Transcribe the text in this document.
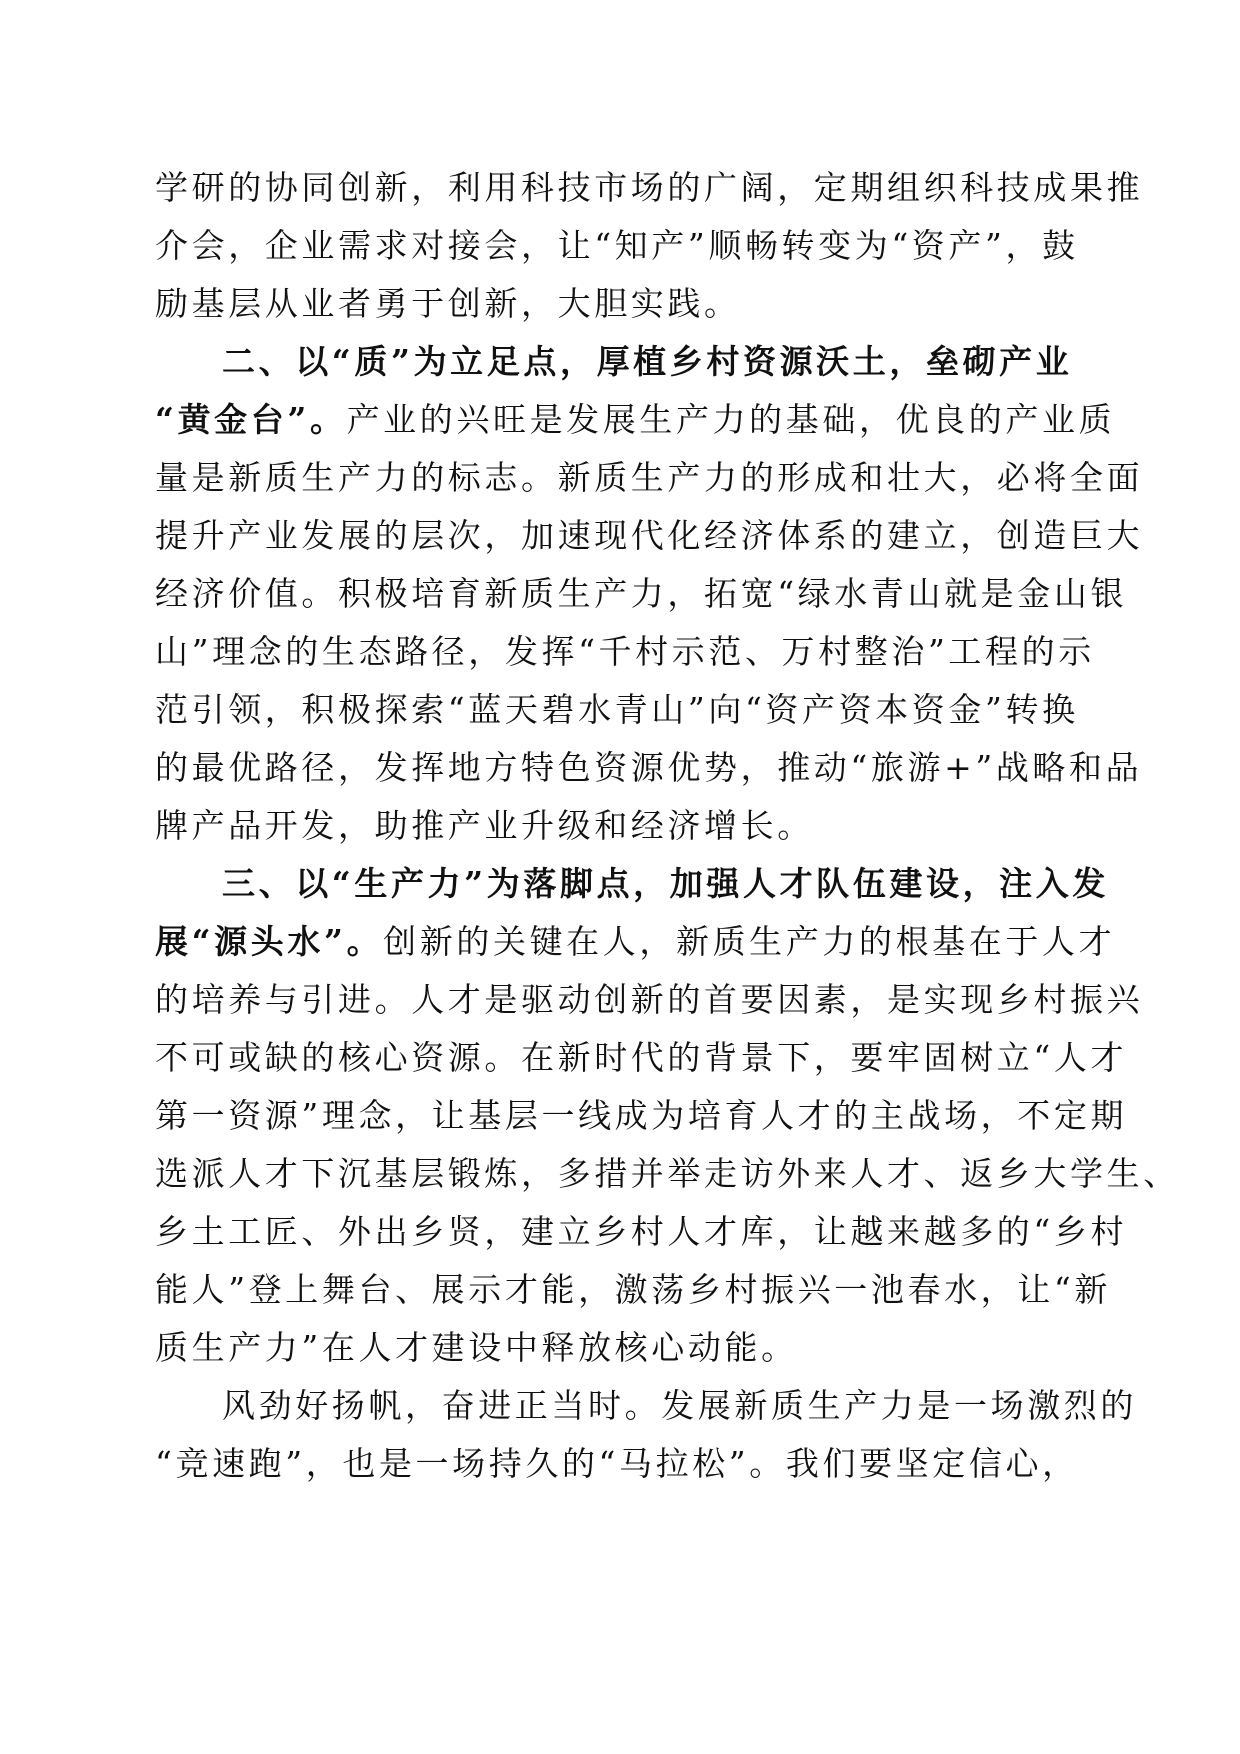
学研的协同创新，利用科技市场的广阔，定期组织科技成果推
介会，企业需求对接会，让“知产”顺畅转变为“资产”，鼓
励基层从业者勇于创新，大胆实践。
二、以“质”为立足点，厚植乡村资源沃土，垒砌产业
“黄金台”。产业的兴旺是发展生产力的基础，优良的产业质
量是新质生产力的标志。新质生产力的形成和壮大，必将全面
提升产业发展的层次，加速现代化经济体系的建立，创造巨大
经济价值。积极培育新质生产力，拓宽“绿水青山就是金山银
山”理念的生态路径，发挥“千村示范、万村整治”工程的示
范引领，积极探索“蓝天碧水青山”向“资产资本资金”转换
的最优路径，发挥地方特色资源优势，推动“旅游+”战略和品
牌产品开发，助推产业升级和经济增长。
三、以“生产力”为落脚点，加强人才队伍建设，注入发
展“源头水”。创新的关键在人，新质生产力的根基在于人才
的培养与引进。人才是驱动创新的首要因素，是实现乡村振兴
不可或缺的核心资源。在新时代的背景下，要牢固树立“人才
第一资源”理念，让基层一线成为培育人才的主战场，不定期
选派人才下沉基层锻炼，多措并举走访外来人才、返乡大学生、
乡土工匠、外出乡贤，建立乡村人才库，让越来越多的“乡村
能人”登上舞台、展示才能，激荡乡村振兴一池春水，让“新
质生产力”在人才建设中释放核心动能。
风劲好扬帆，奋进正当时。发展新质生产力是一场激烈的
“竞速跑”，也是一场持久的“马拉松”。我们要坚定信心，
